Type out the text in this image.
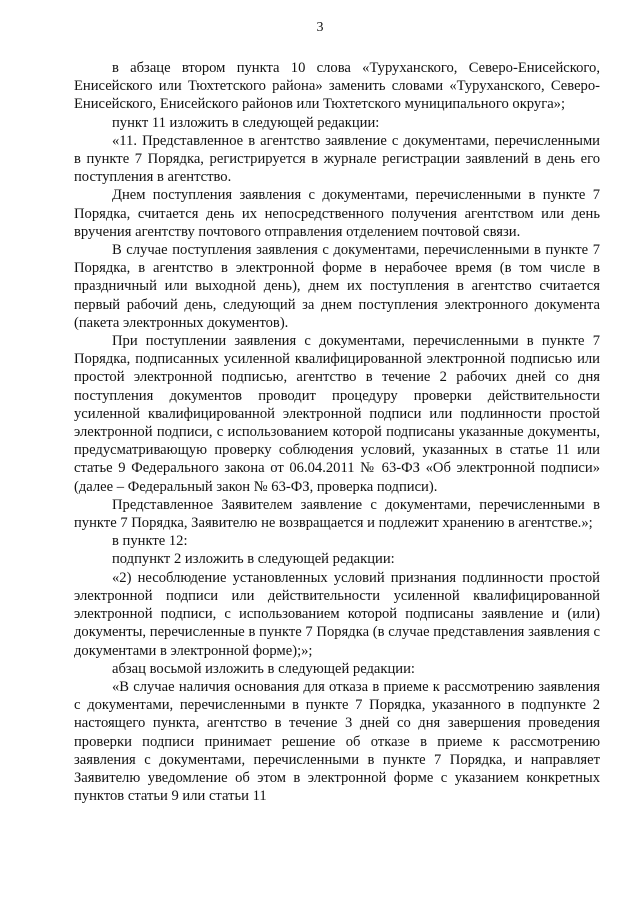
3

в абзаце втором пункта 10 слова «Туруханского, Северо-Енисейского, Енисейского или Тюхтетского района» заменить словами «Туруханского, Северо-Енисейского, Енисейского районов или Тюхтетского муниципального округа»;

пункт 11 изложить в следующей редакции:

«11. Представленное в агентство заявление с документами, перечисленными в пункте 7 Порядка, регистрируется в журнале регистрации заявлений в день его поступления в агентство.

Днем поступления заявления с документами, перечисленными в пункте 7 Порядка, считается день их непосредственного получения агентством или день вручения агентству почтового отправления отделением почтовой связи.

В случае поступления заявления с документами, перечисленными в пункте 7 Порядка, в агентство в электронной форме в нерабочее время (в том числе в праздничный или выходной день), днем их поступления в агентство считается первый рабочий день, следующий за днем поступления электронного документа (пакета электронных документов).

При поступлении заявления с документами, перечисленными в пункте 7 Порядка, подписанных усиленной квалифицированной электронной подписью или простой электронной подписью, агентство в течение 2 рабочих дней со дня поступления документов проводит процедуру проверки действительности усиленной квалифицированной электронной подписи или подлинности простой электронной подписи, с использованием которой подписаны указанные документы, предусматривающую проверку соблюдения условий, указанных в статье 11 или статье 9 Федерального закона от 06.04.2011 № 63-ФЗ «Об электронной подписи» (далее – Федеральный закон № 63-ФЗ, проверка подписи).

Представленное Заявителем заявление с документами, перечисленными в пункте 7 Порядка, Заявителю не возвращается и подлежит хранению в агентстве.»;

в пункте 12:

подпункт 2 изложить в следующей редакции:

«2) несоблюдение установленных условий признания подлинности простой электронной подписи или действительности усиленной квалифицированной электронной подписи, с использованием которой подписаны заявление и (или) документы, перечисленные в пункте 7 Порядка (в случае представления заявления с документами в электронной форме);»;

абзац восьмой изложить в следующей редакции:

«В случае наличия основания для отказа в приеме к рассмотрению заявления с документами, перечисленными в пункте 7 Порядка, указанного в подпункте 2 настоящего пункта, агентство в течение 3 дней со дня завершения проведения проверки подписи принимает решение об отказе в приеме к рассмотрению заявления с документами, перечисленными в пункте 7 Порядка, и направляет Заявителю уведомление об этом в электронной форме с указанием конкретных пунктов статьи 9 или статьи 11
